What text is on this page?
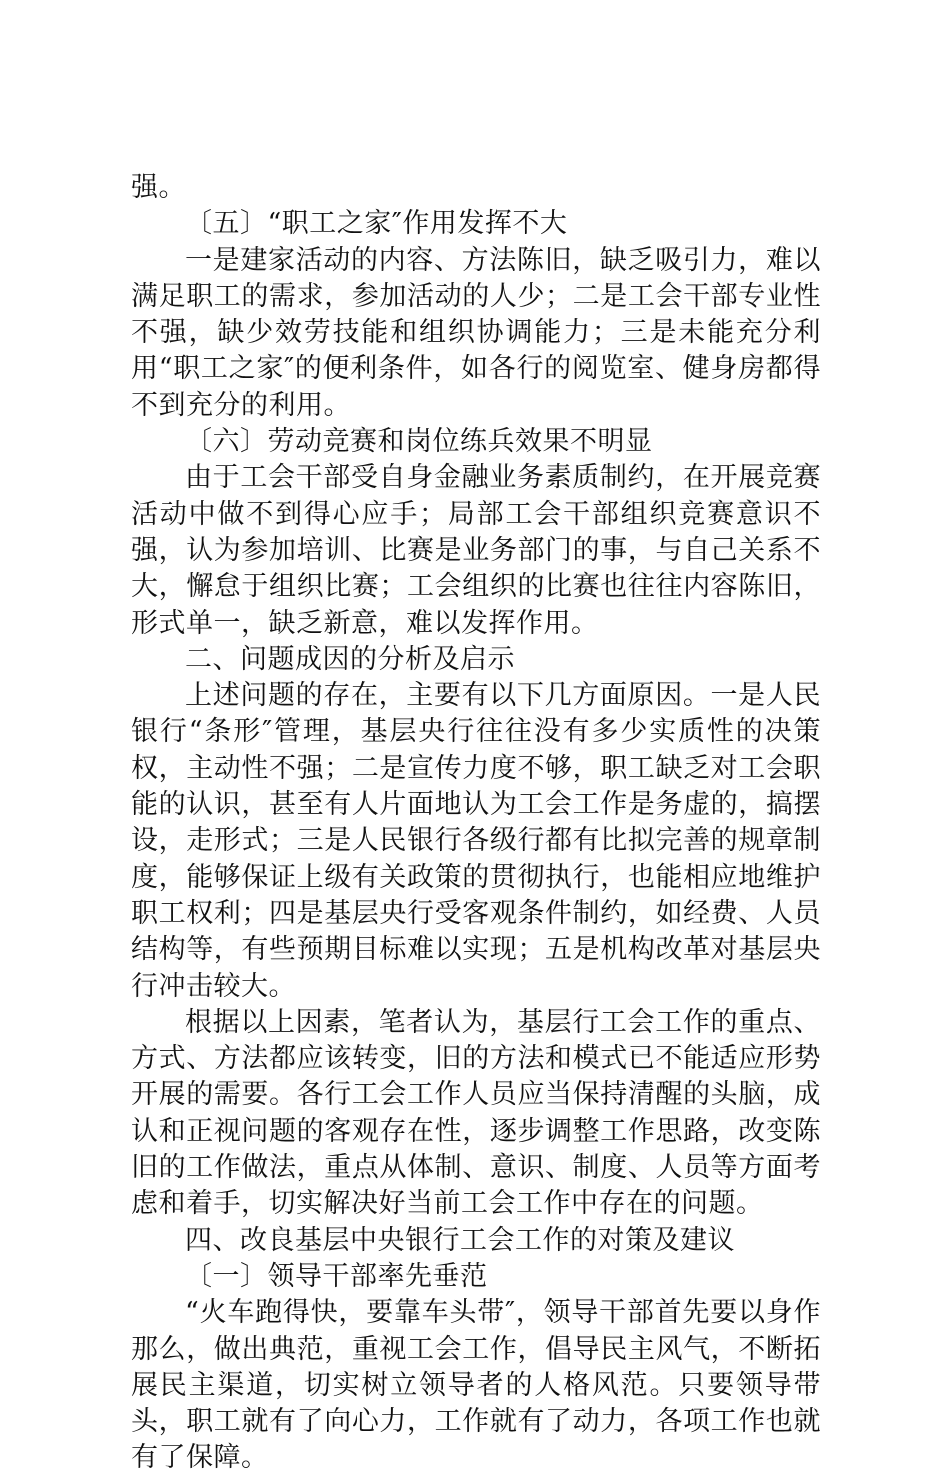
强。

〔五〕“职工之家″作用发挥不大

一是建家活动的内容、方法陈旧，缺乏吸引力，难以满足职工的需求，参加活动的人少；二是工会干部专业性不强，缺少效劳技能和组织协调能力；三是未能充分利用“职工之家″的便利条件，如各行的阅览室、健身房都得不到充分的利用。

〔六〕劳动竞赛和岗位练兵效果不明显

由于工会干部受自身金融业务素质制约，在开展竞赛活动中做不到得心应手；局部工会干部组织竞赛意识不强，认为参加培训、比赛是业务部门的事，与自己关系不大，懈怠于组织比赛；工会组织的比赛也往往内容陈旧，形式单一，缺乏新意，难以发挥作用。

二、问题成因的分析及启示

上述问题的存在，主要有以下几方面原因。一是人民银行“条形″管理，基层央行往往没有多少实质性的决策权，主动性不强；二是宣传力度不够，职工缺乏对工会职能的认识，甚至有人片面地认为工会工作是务虚的，搞摆设，走形式；三是人民银行各级行都有比拟完善的规章制度，能够保证上级有关政策的贯彻执行，也能相应地维护职工权利；四是基层央行受客观条件制约，如经费、人员结构等，有些预期目标难以实现；五是机构改革对基层央行冲击较大。

根据以上因素，笔者认为，基层行工会工作的重点、方式、方法都应该转变，旧的方法和模式已不能适应形势开展的需要。各行工会工作人员应当保持清醒的头脑，成认和正视问题的客观存在性，逐步调整工作思路，改变陈旧的工作做法，重点从体制、意识、制度、人员等方面考虑和着手，切实解决好当前工会工作中存在的问题。

四、改良基层中央银行工会工作的对策及建议

〔一〕领导干部率先垂范

“火车跑得快，要靠车头带″，领导干部首先要以身作那么，做出典范，重视工会工作，倡导民主风气，不断拓展民主渠道，切实树立领导者的人格风范。只要领导带头，职工就有了向心力，工作就有了动力，各项工作也就有了保障。
